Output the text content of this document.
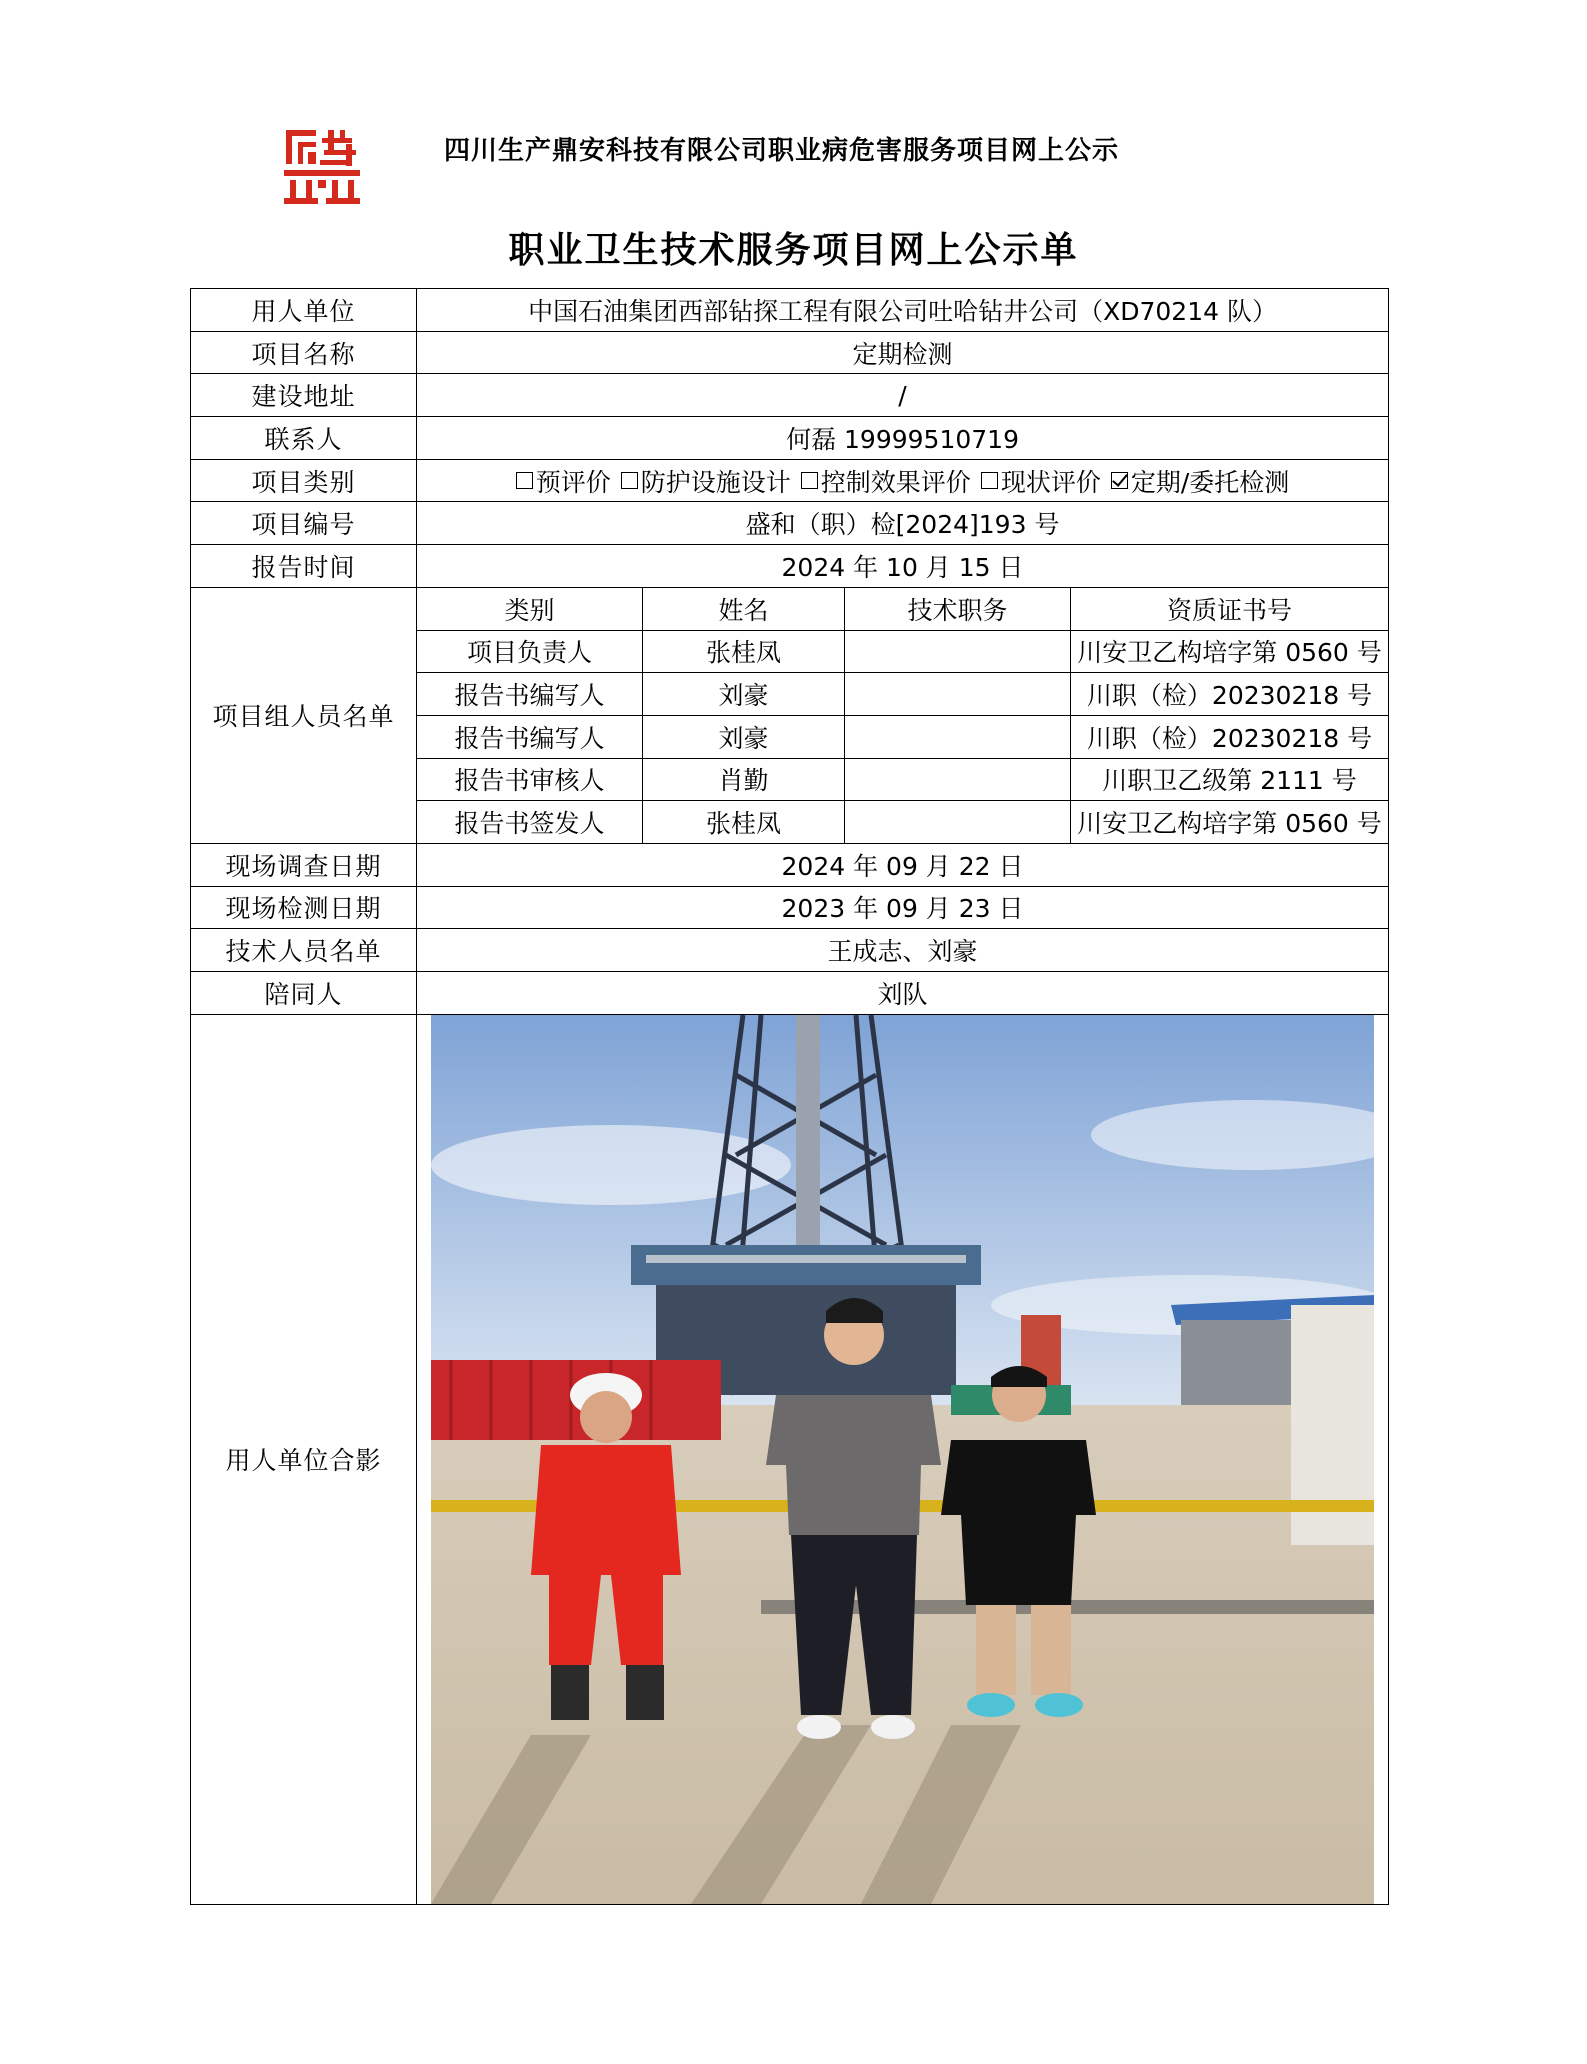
四川生产鼎安科技有限公司职业病危害服务项目网上公示
职业卫生技术服务项目网上公示单
用人单位	中国石油集团西部钻探工程有限公司吐哈钻井公司（XD70214 队）			
项目名称	定期检测			
建设地址	/			
联系人	何磊 19999510719			
项目类别	预评价 防护设施设计 控制效果评价 现状评价 定期/委托检测			

项目编号	盛和（职）检[2024]193 号			
报告时间	2024 年 10 月 15 日			
项目组人员名单	类别	姓名	技术职务	资质证书号
	项目负责人	张桂凤		川安卫乙构培字第 0560 号
	报告书编写人	刘豪		川职（检）20230218 号
	报告书编写人	刘豪		川职（检）20230218 号
	报告书审核人	肖勤		川职卫乙级第 2111 号
	报告书签发人	张桂凤		川安卫乙构培字第 0560 号
现场调查日期	2024 年 09 月 22 日			
现场检测日期	2023 年 09 月 23 日			
技术人员名单	王成志、刘豪			
陪同人	刘队			
用人单位合影	
